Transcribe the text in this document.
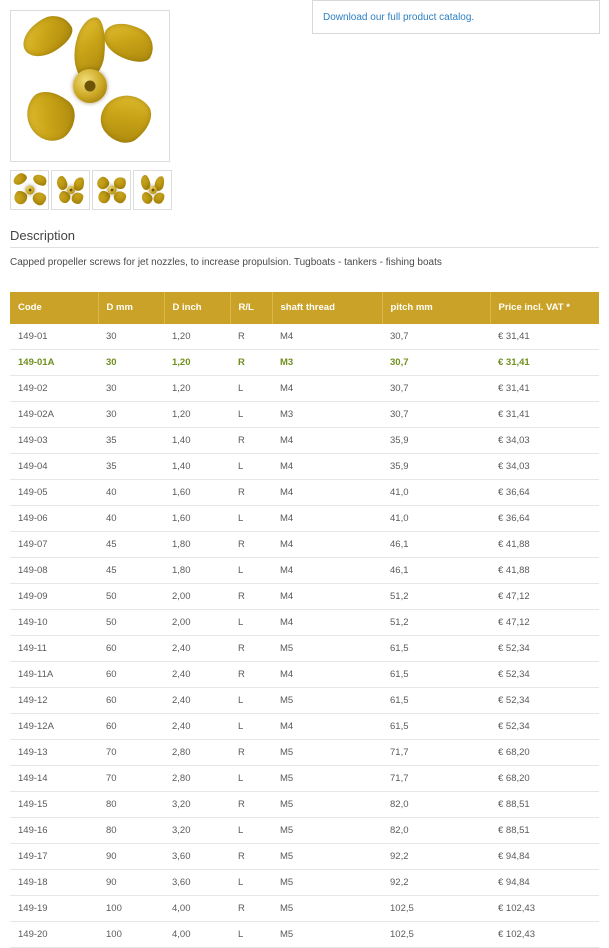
Download our full product catalog.
Description
Capped propeller screws for jet nozzles, to increase propulsion. Tugboats - tankers - fishing boats
Code	D mm	D inch	R/L	shaft thread	pitch mm	Price incl. VAT *
149-01	30	1,20	R	M4	30,7	€ 31,41
149-01A	30	1,20	R	M3	30,7	€ 31,41
149-02	30	1,20	L	M4	30,7	€ 31,41
149-02A	30	1,20	L	M3	30,7	€ 31,41
149-03	35	1,40	R	M4	35,9	€ 34,03
149-04	35	1,40	L	M4	35,9	€ 34,03
149-05	40	1,60	R	M4	41,0	€ 36,64
149-06	40	1,60	L	M4	41,0	€ 36,64
149-07	45	1,80	R	M4	46,1	€ 41,88
149-08	45	1,80	L	M4	46,1	€ 41,88
149-09	50	2,00	R	M4	51,2	€ 47,12
149-10	50	2,00	L	M4	51,2	€ 47,12
149-11	60	2,40	R	M5	61,5	€ 52,34
149-11A	60	2,40	R	M4	61,5	€ 52,34
149-12	60	2,40	L	M5	61,5	€ 52,34
149-12A	60	2,40	L	M4	61,5	€ 52,34
149-13	70	2,80	R	M5	71,7	€ 68,20
149-14	70	2,80	L	M5	71,7	€ 68,20
149-15	80	3,20	R	M5	82,0	€ 88,51
149-16	80	3,20	L	M5	82,0	€ 88,51
149-17	90	3,60	R	M5	92,2	€ 94,84
149-18	90	3,60	L	M5	92,2	€ 94,84
149-19	100	4,00	R	M5	102,5	€ 102,43
149-20	100	4,00	L	M5	102,5	€ 102,43
